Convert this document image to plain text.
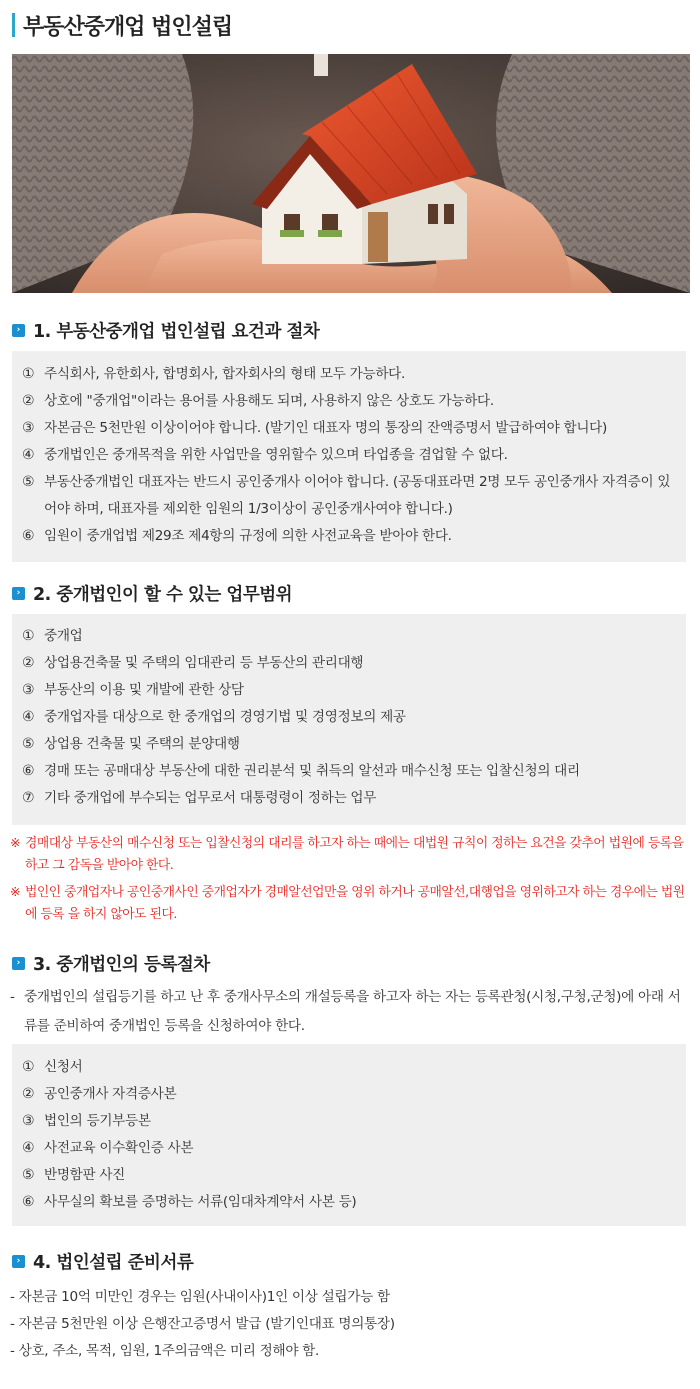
부동산중개업 법인설립
› 1. 부동산중개업 법인설립 요건과 절차
① 주식회사, 유한회사, 합명회사, 합자회사의 형태 모두 가능하다.
② 상호에 "중개업"이라는 용어를 사용해도 되며, 사용하지 않은 상호도 가능하다.
③ 자본금은 5천만원 이상이어야 합니다. (발기인 대표자 명의 통장의 잔액증명서 발급하여야 합니다)
④ 중개법인은 중개목적을 위한 사업만을 영위할수 있으며 타업종을 겸업할 수 없다.
⑤ 부동산중개법인 대표자는 반드시 공인중개사 이어야 합니다. (공동대표라면 2명 모두 공인중개사 자격증이 있어야 하며, 대표자를 제외한 임원의 1/3이상이 공인중개사여야 합니다.)
⑥ 임원이 중개업법 제29조 제4항의 규정에 의한 사전교육을 받아야 한다.
› 2. 중개법인이 할 수 있는 업무범위
① 중개업
② 상업용건축물 및 주택의 임대관리 등 부동산의 관리대행
③ 부동산의 이용 및 개발에 관한 상담
④ 중개업자를 대상으로 한 중개업의 경영기법 및 경영정보의 제공
⑤ 상업용 건축물 및 주택의 분양대행
⑥ 경매 또는 공매대상 부동산에 대한 권리분석 및 취득의 알선과 매수신청 또는 입찰신청의 대리
⑦ 기타 중개업에 부수되는 업무로서 대통령령이 정하는 업무
※ 경매대상 부동산의 매수신청 또는 입찰신청의 대리를 하고자 하는 때에는 대법원 규칙이 정하는 요건을 갖추어 법원에 등록을 하고 그 감독을 받아야 한다.
※ 법인인 중개업자나 공인중개사인 중개업자가 경매알선업만을 영위 하거나 공매알선,대행업을 영위하고자 하는 경우에는 법원에 등록 을 하지 않아도 된다.
› 3. 중개법인의 등록절차
- 중개법인의 설립등기를 하고 난 후 중개사무소의 개설등록을 하고자 하는 자는 등록관청(시청,구청,군청)에 아래 서류를 준비하여 중개법인 등록을 신청하여야 한다.
① 신청서
② 공인중개사 자격증사본
③ 법인의 등기부등본
④ 사전교육 이수확인증 사본
⑤ 반명함판 사진
⑥ 사무실의 확보를 증명하는 서류(임대차계약서 사본 등)
› 4. 법인설립 준비서류
- 자본금 10억 미만인 경우는 임원(사내이사)1인 이상 설립가능 함
- 자본금 5천만원 이상 은행잔고증명서 발급 (발기인대표 명의통장)
- 상호, 주소, 목적, 임원, 1주의금액은 미리 정해야 함.
